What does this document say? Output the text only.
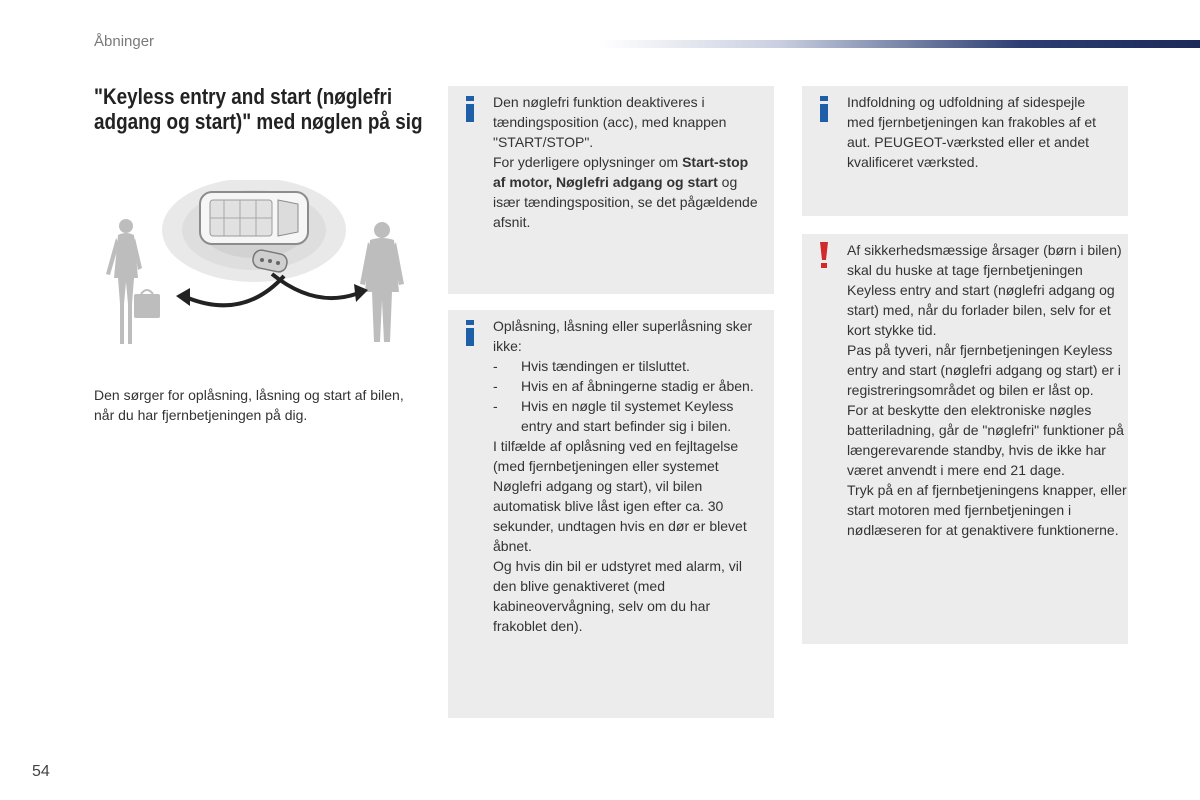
Åbninger
"Keyless entry and start (nøglefri
adgang og start)" med nøglen på sig
Den sørger for oplåsning, låsning og start af bilen, når du har fjernbetjeningen på dig.

Den nøglefri funktion deaktiveres i tændingsposition (acc), med knappen "START/STOP".

For yderligere oplysninger om Start-stop af motor, Nøglefri adgang og start og især tændingsposition, se det pågældende afsnit.

Oplåsning, låsning eller superlåsning sker ikke:

- Hvis tændingen er tilsluttet.
- Hvis en af åbningerne stadig er åben.
- Hvis en nøgle til systemet Keyless entry and start befinder sig i bilen.

I tilfælde af oplåsning ved en fejltagelse (med fjernbetjeningen eller systemet Nøglefri adgang og start), vil bilen automatisk blive låst igen efter ca. 30 sekunder, undtagen hvis en dør er blevet åbnet.

Og hvis din bil er udstyret med alarm, vil den blive genaktiveret (med kabineovervågning, selv om du har frakoblet den).

Indfoldning og udfoldning af sidespejle med fjernbetjeningen kan frakobles af et aut. PEUGEOT-værksted eller et andet kvalificeret værksted.

Af sikkerhedsmæssige årsager (børn i bilen) skal du huske at tage fjernbetjeningen Keyless entry and start (nøglefri adgang og start) med, når du forlader bilen, selv for et kort stykke tid.

Pas på tyveri, når fjernbetjeningen Keyless entry and start (nøglefri adgang og start) er i registreringsområdet og bilen er låst op.

For at beskytte den elektroniske nøgles batteriladning, går de "nøglefri" funktioner på længerevarende standby, hvis de ikke har været anvendt i mere end 21 dage.

Tryk på en af fjernbetjeningens knapper, eller start motoren med fjernbetjeningen i nødlæseren for at genaktivere funktionerne.

54
